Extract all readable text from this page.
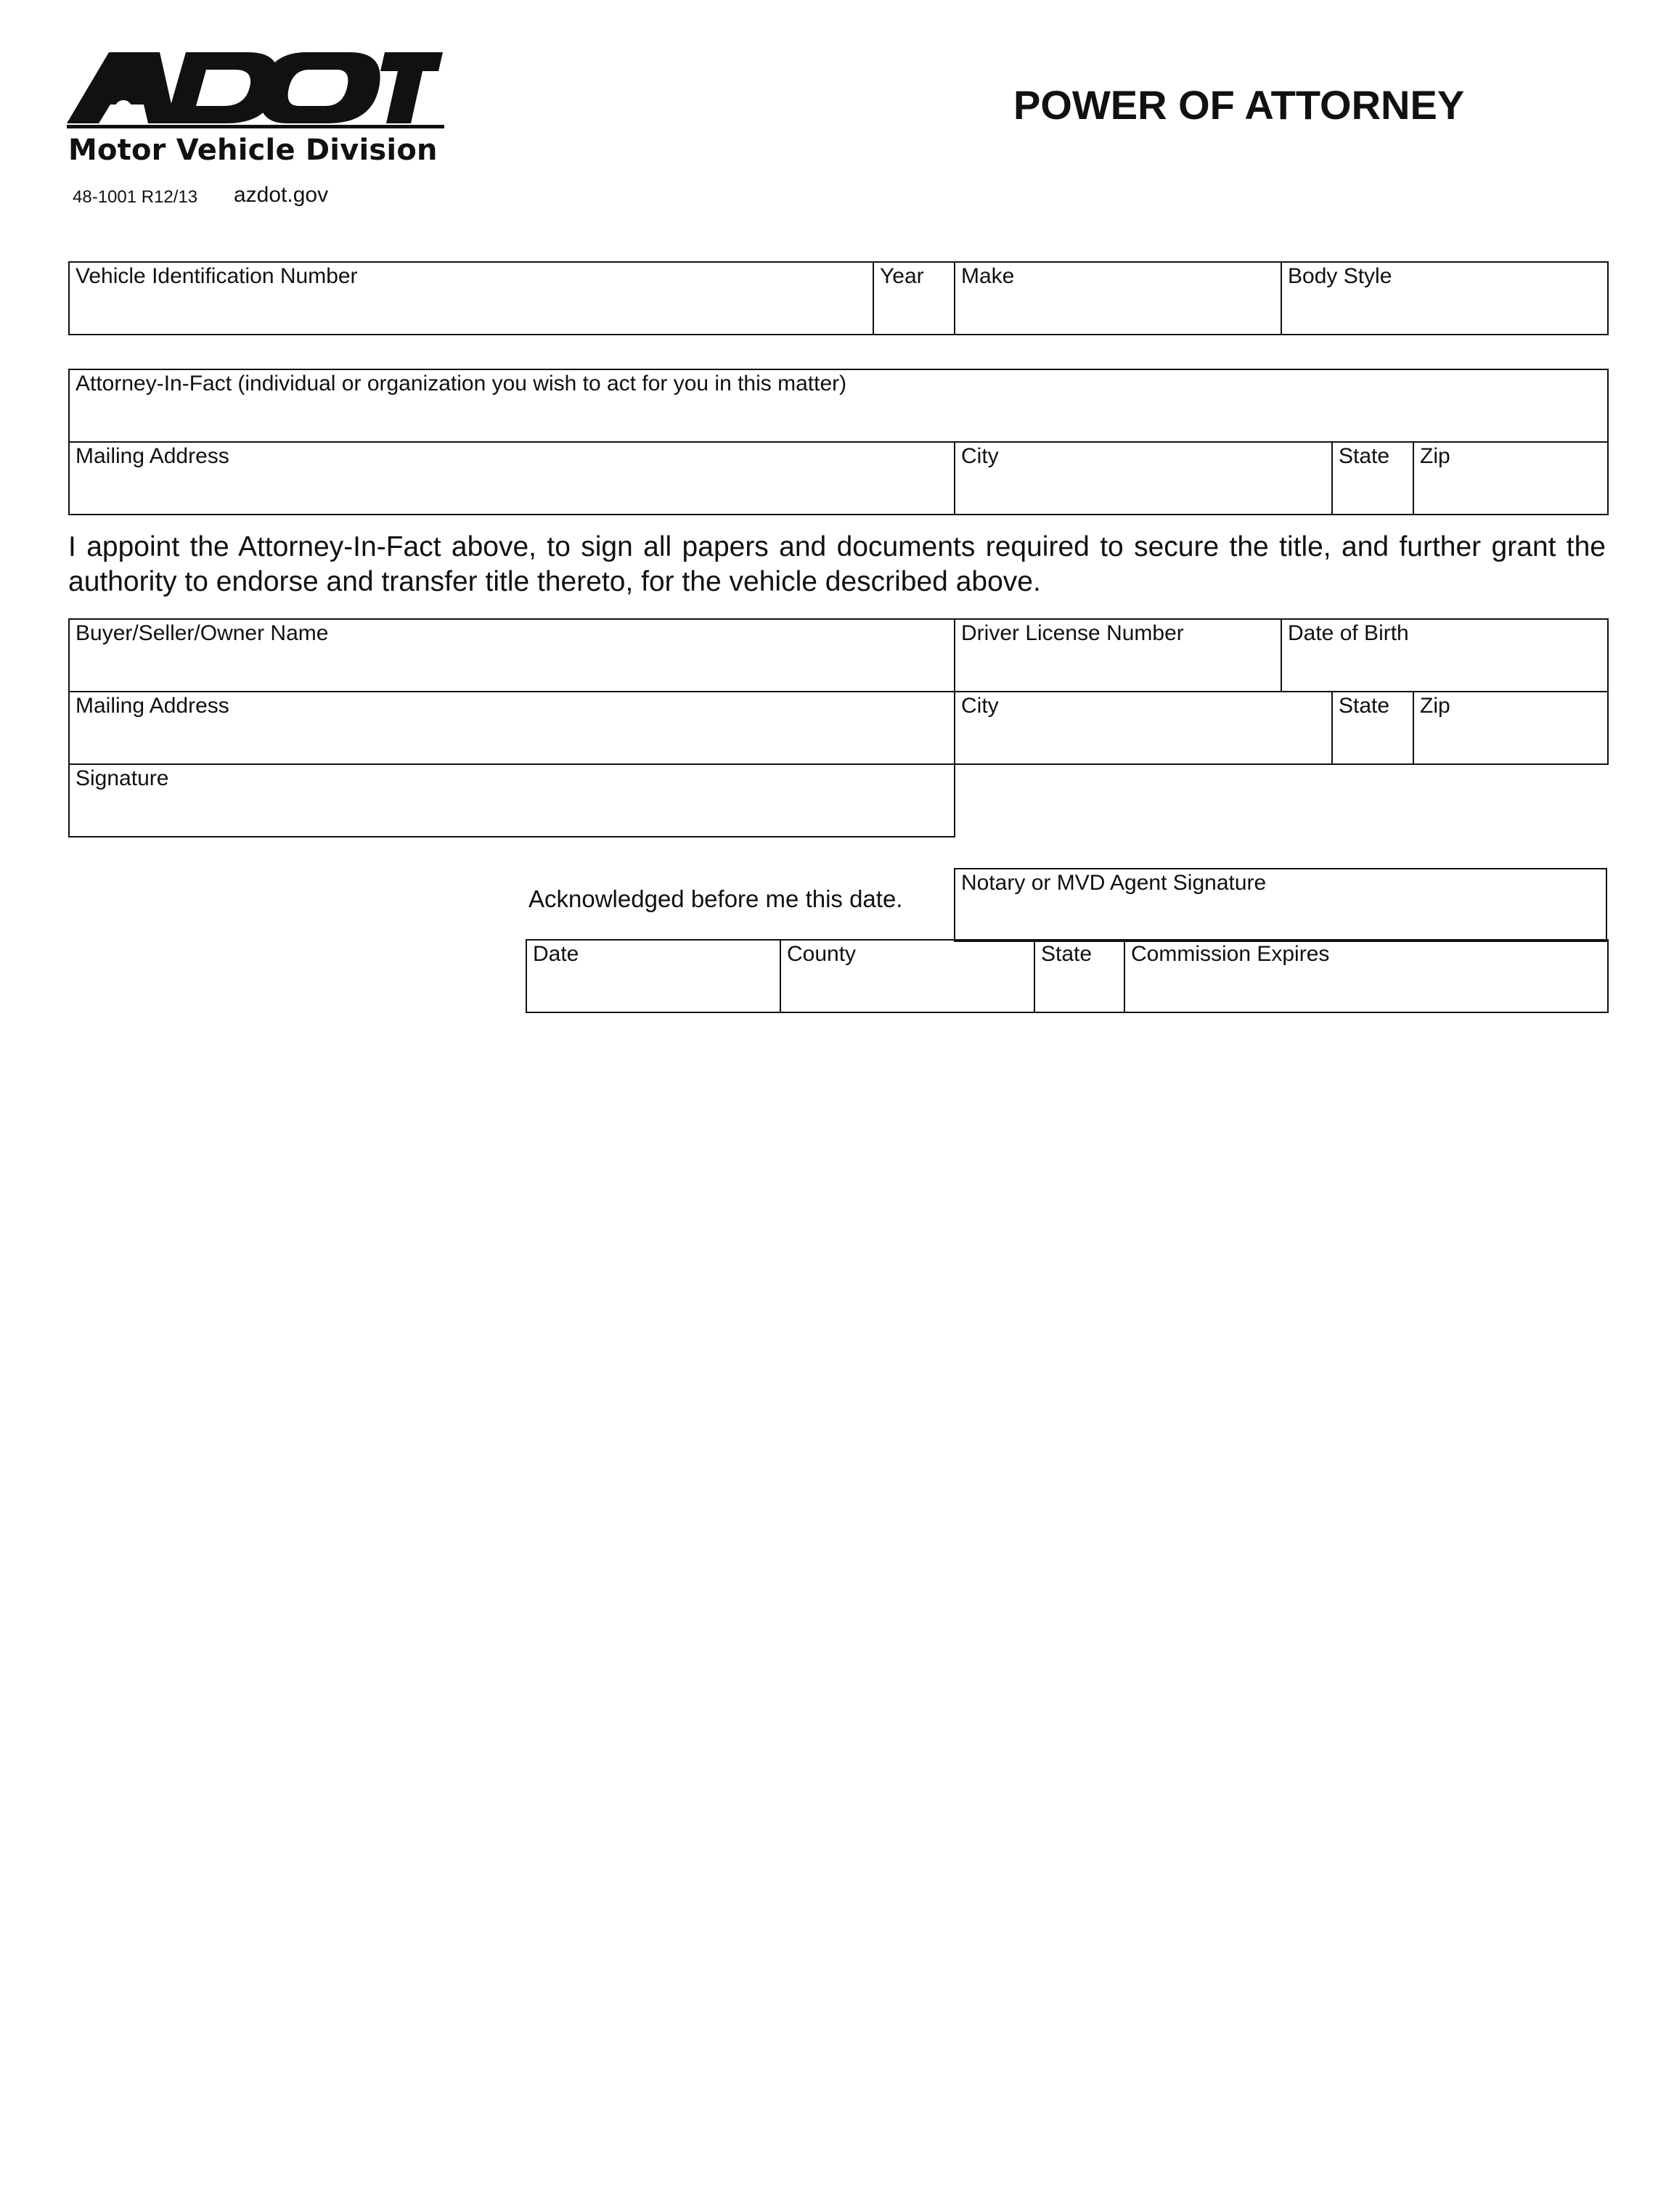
Motor Vehicle Division
48-1001 R12/13 azdot.gov
POWER OF ATTORNEY
Vehicle Identification Number	Year	Make	Body Style
Attorney-In-Fact (individual or organization you wish to act for you in this matter)
Mailing Address	City	State	Zip
I appoint the Attorney-In-Fact above, to sign all papers and documents required to secure the title, and further grant the authority to endorse and transfer title thereto, for the vehicle described above.
Buyer/Seller/Owner Name	Driver License Number	Date of Birth		
Mailing Address	City		State	Zip
Signature				
Acknowledged before me this date.
Notary or MVD Agent Signature
Date	County	State	Commission Expires
